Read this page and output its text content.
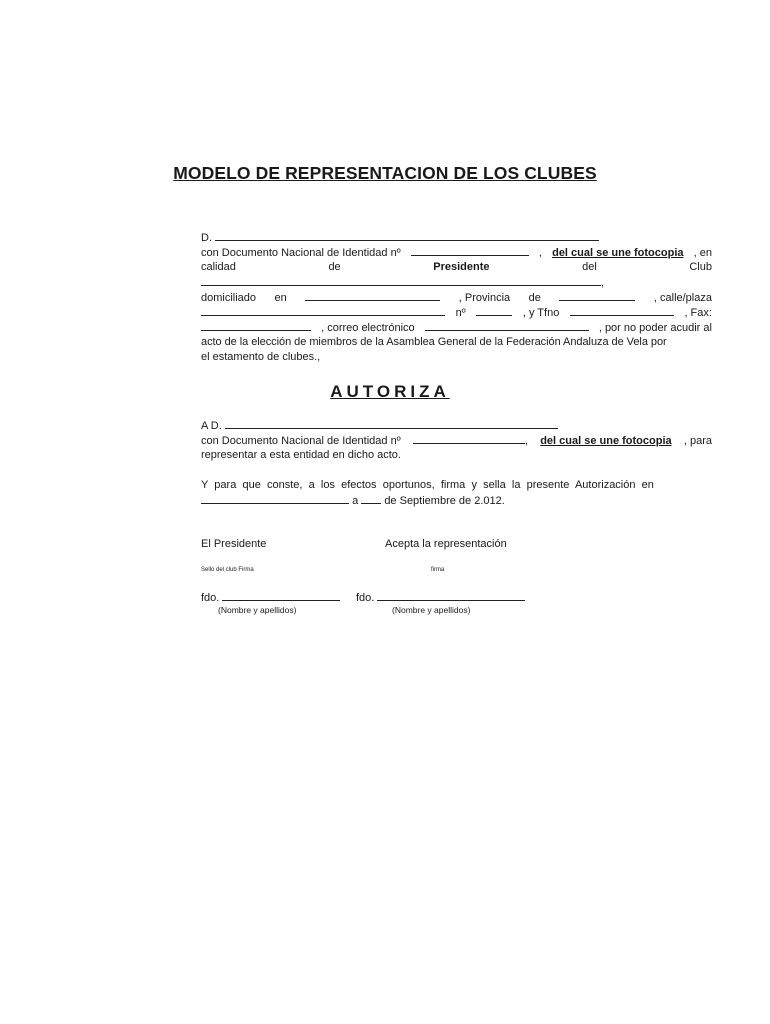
MODELO DE REPRESENTACION DE LOS CLUBES
D.
con Documento Nacional de Identidad nº	, del cual se une fotocopia , en
calidad	de	Presidente	del	Club
,
domiciliado en	, Provincia de	, calle/plaza
nº	, y Tfno	, Fax:
, correo electrónico	, por no poder acudir al
acto de la elección de miembros de la Asamblea General de la Federación Andaluza de Vela por
el estamento de clubes.,
AUTORIZA
A D.
con Documento Nacional de Identidad nº	, del cual se une fotocopia , para
representar a esta entidad en dicho acto.
Y para que conste, a los efectos oportunos, firma y sella la presente Autorización en
a de Septiembre de 2.012.
El Presidente	Acepta la representación
Sello del club Firma	firma
fdo.	fdo.
(Nombre y apellidos)	(Nombre y apellidos)
